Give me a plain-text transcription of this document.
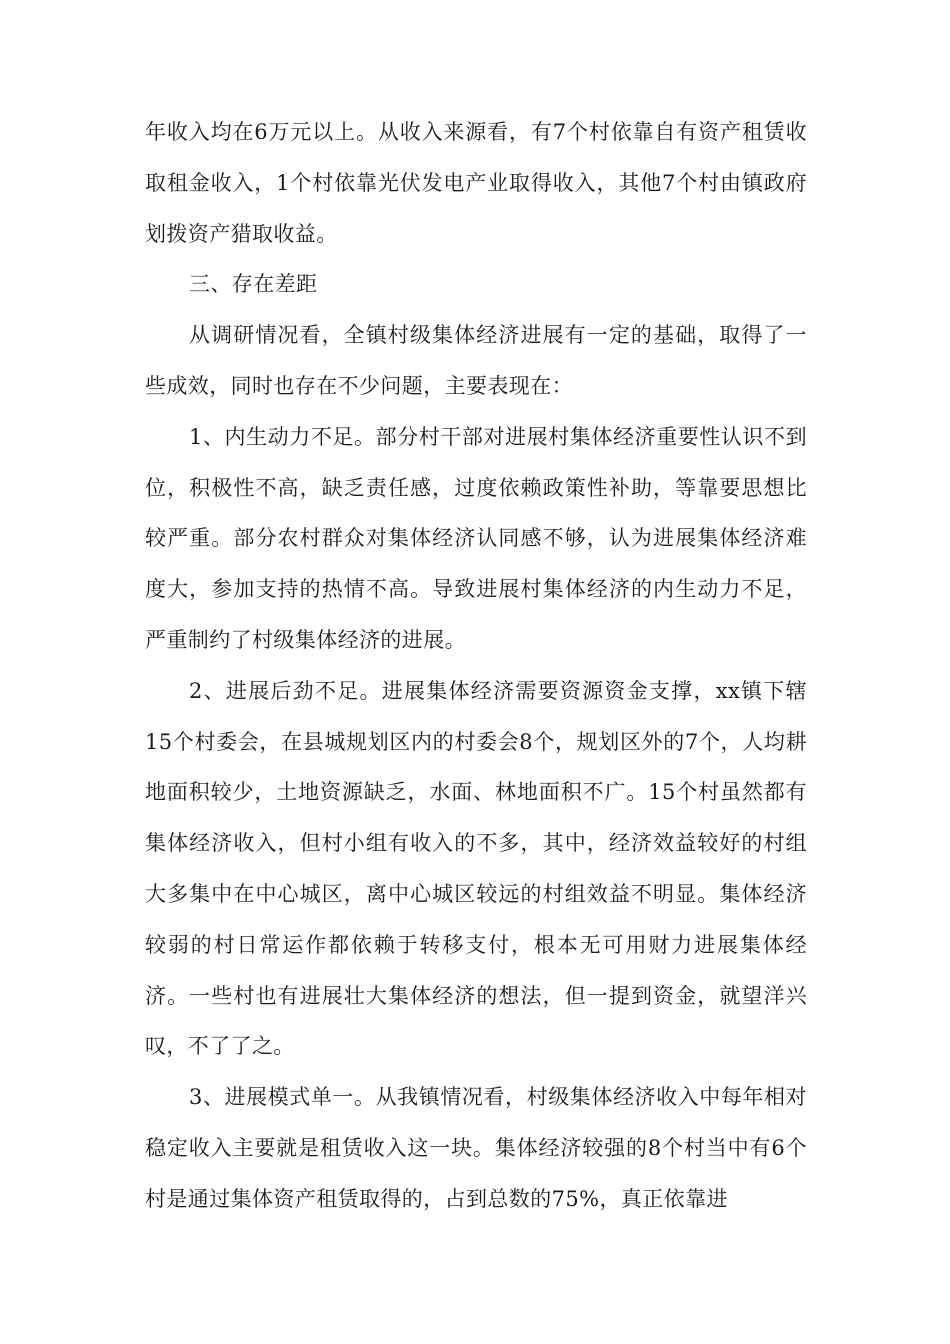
年收入均在6万元以上。从收入来源看，有7个村依靠自有资产租赁收取租金收入，1个村依靠光伏发电产业取得收入，其他7个村由镇政府划拨资产猎取收益。

三、存在差距

从调研情况看，全镇村级集体经济进展有一定的基础，取得了一些成效，同时也存在不少问题，主要表现在：

1、内生动力不足。部分村干部对进展村集体经济重要性认识不到位，积极性不高，缺乏责任感，过度依赖政策性补助，等靠要思想比较严重。部分农村群众对集体经济认同感不够，认为进展集体经济难度大，参加支持的热情不高。导致进展村集体经济的内生动力不足，严重制约了村级集体经济的进展。

2、进展后劲不足。进展集体经济需要资源资金支撑，xx镇下辖15个村委会，在县城规划区内的村委会8个，规划区外的7个，人均耕地面积较少，土地资源缺乏，水面、林地面积不广。15个村虽然都有集体经济收入，但村小组有收入的不多，其中，经济效益较好的村组大多集中在中心城区，离中心城区较远的村组效益不明显。集体经济较弱的村日常运作都依赖于转移支付，根本无可用财力进展集体经济。一些村也有进展壮大集体经济的想法，但一提到资金，就望洋兴叹，不了了之。

3、进展模式单一。从我镇情况看，村级集体经济收入中每年相对稳定收入主要就是租赁收入这一块。集体经济较强的8个村当中有6个村是通过集体资产租赁取得的，占到总数的75%，真正依靠进
